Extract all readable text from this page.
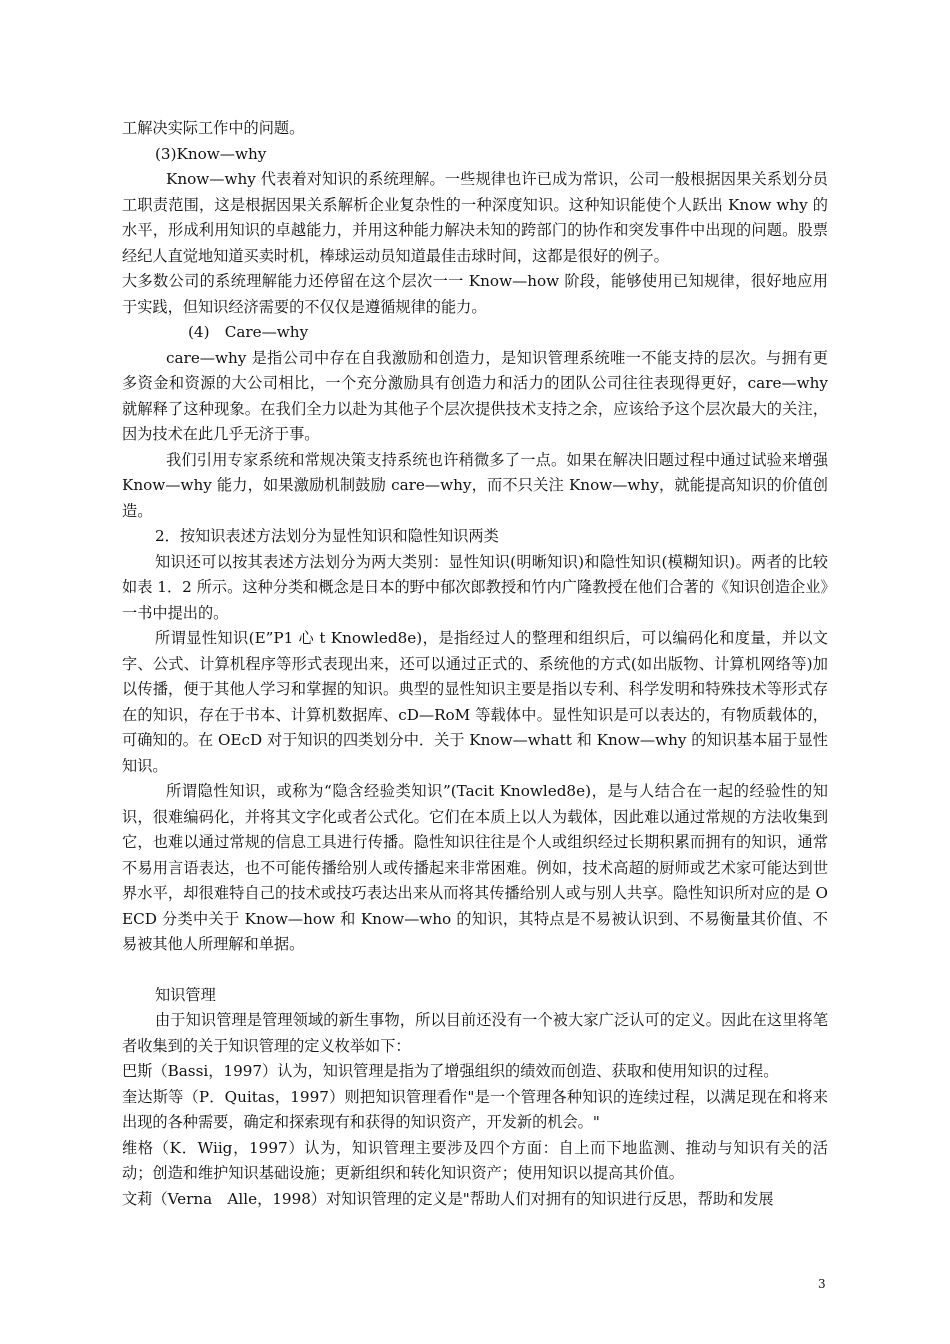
工解决实际工作中的问题。

(3)Know—why

Know—why 代表着对知识的系统理解。一些规律也许已成为常识，公司一般根据因果关系划分员工职责范围，这是根据因果关系解析企业复杂性的一种深度知识。这种知识能使个人跃出 Know why 的水平，形成利用知识的卓越能力，并用这种能力解决未知的跨部门的协作和突发事件中出现的问题。股票经纪人直觉地知道买卖时机，棒球运动员知道最佳击球时间，这都是很好的例子。

大多数公司的系统理解能力还停留在这个层次一一 Know—how 阶段，能够使用已知规律，很好地应用于实践，但知识经济需要的不仅仅是遵循规律的能力。

(4)　Care—why

care—why 是指公司中存在自我激励和创造力，是知识管理系统唯一不能支持的层次。与拥有更多资金和资源的大公司相比，一个充分激励具有创造力和活力的团队公司往往表现得更好，care—why 就解释了这种现象。在我们全力以赴为其他子个层次提供技术支持之余，应该给予这个层次最大的关注，因为技术在此几乎无济于事。

我们引用专家系统和常规决策支持系统也许稍微多了一点。如果在解决旧题过程中通过试验来增强 Know—why 能力，如果激励机制鼓励 care—why，而不只关注 Know—why，就能提高知识的价值创造。

2．按知识表述方法划分为显性知识和隐性知识两类

知识还可以按其表述方法划分为两大类别：显性知识(明晰知识)和隐性知识(模糊知识)。两者的比较如表 1．2 所示。这种分类和概念是日本的野中郁次郎教授和竹内广隆教授在他们合著的《知识创造企业》一书中提出的。

所谓显性知识(E”P1 心 t Knowled8e)，是指经过人的整理和组织后，可以编码化和度量，并以文字、公式、计算机程序等形式表现出来，还可以通过正式的、系统他的方式(如出版物、计算机网络等)加以传播，便于其他人学习和掌握的知识。典型的显性知识主要是指以专利、科学发明和特殊技术等形式存在的知识，存在于书本、计算机数据库、cD—RoM 等载体中。显性知识是可以表达的，有物质载体的，可确知的。在 OEcD 对于知识的四类划分中．关于 Know—whatt 和 Know—why 的知识基本届于显性知识。

所谓隐性知识，或称为“隐含经验类知识”(Tacit Knowled8e)，是与人结合在一起的经验性的知识，很难编码化，并将其文字化或者公式化。它们在本质上以人为载体，因此难以通过常规的方法收集到它，也难以通过常规的信息工具进行传播。隐性知识往往是个人或组织经过长期积累而拥有的知识，通常不易用言语表达，也不可能传播给别人或传播起来非常困难。例如，技术高超的厨师或艺术家可能达到世界水平，却很难特自己的技术或技巧表达出来从而将其传播给别人或与别人共享。隐性知识所对应的是 OECD 分类中关于 Know—how 和 Know—who 的知识，其特点是不易被认识到、不易衡量其价值、不易被其他人所理解和单据。

知识管理

由于知识管理是管理领域的新生事物，所以目前还没有一个被大家广泛认可的定义。因此在这里将笔者收集到的关于知识管理的定义枚举如下：

巴斯（Bassi，1997）认为，知识管理是指为了增强组织的绩效而创造、获取和使用知识的过程。

奎达斯等（P．Quitas，1997）则把知识管理看作"是一个管理各种知识的连续过程，以满足现在和将来出现的各种需要，确定和探索现有和获得的知识资产，开发新的机会。"

维格（K．Wiig，1997）认为，知识管理主要涉及四个方面：自上而下地监测、推动与知识有关的活动；创造和维护知识基础设施；更新组织和转化知识资产；使用知识以提高其价值。

文莉（Verna　Alle，1998）对知识管理的定义是"帮助人们对拥有的知识进行反思，帮助和发展

3
